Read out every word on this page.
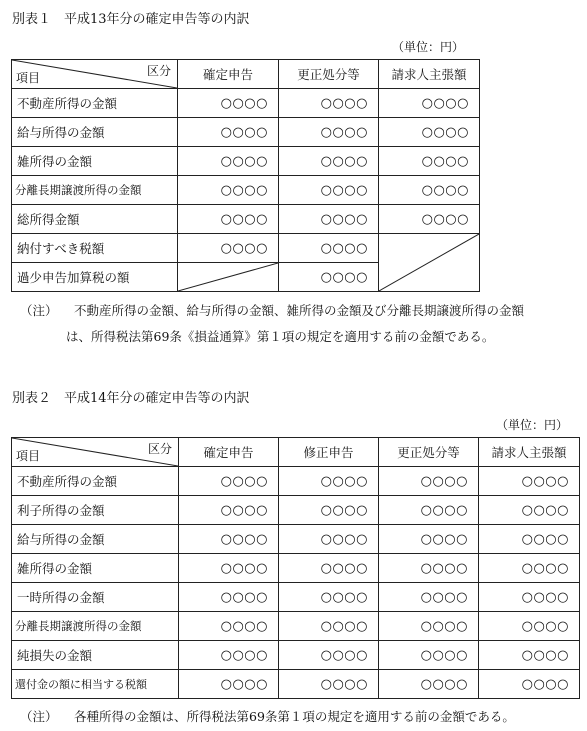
別表１　平成13年分の確定申告等の内訳
（単位：円）
区分
項目	確定申告	更正処分等	請求人主張額
不動産所得の金額	○○○○	○○○○	○○○○
給与所得の金額	○○○○	○○○○	○○○○
雑所得の金額	○○○○	○○○○	○○○○
分離長期譲渡所得の金額	○○○○	○○○○	○○○○
総所得金額	○○○○	○○○○	○○○○
納付すべき税額	○○○○	○○○○	

過少申告加算税の額		○○○○	
（注） 不動産所得の金額、給与所得の金額、雑所得の金額及び分離長期譲渡所得の金額
は、所得税法第69条《損益通算》第１項の規定を適用する前の金額である。
別表２　平成14年分の確定申告等の内訳
（単位：円）
区分
項目	確定申告	修正申告	更正処分等	請求人主張額
不動産所得の金額	○○○○	○○○○	○○○○	○○○○
利子所得の金額	○○○○	○○○○	○○○○	○○○○
給与所得の金額	○○○○	○○○○	○○○○	○○○○
雑所得の金額	○○○○	○○○○	○○○○	○○○○
一時所得の金額	○○○○	○○○○	○○○○	○○○○
分離長期譲渡所得の金額	○○○○	○○○○	○○○○	○○○○
純損失の金額	○○○○	○○○○	○○○○	○○○○
還付金の額に相当する税額	○○○○	○○○○	○○○○	○○○○
（注） 各種所得の金額は、所得税法第69条第１項の規定を適用する前の金額である。
